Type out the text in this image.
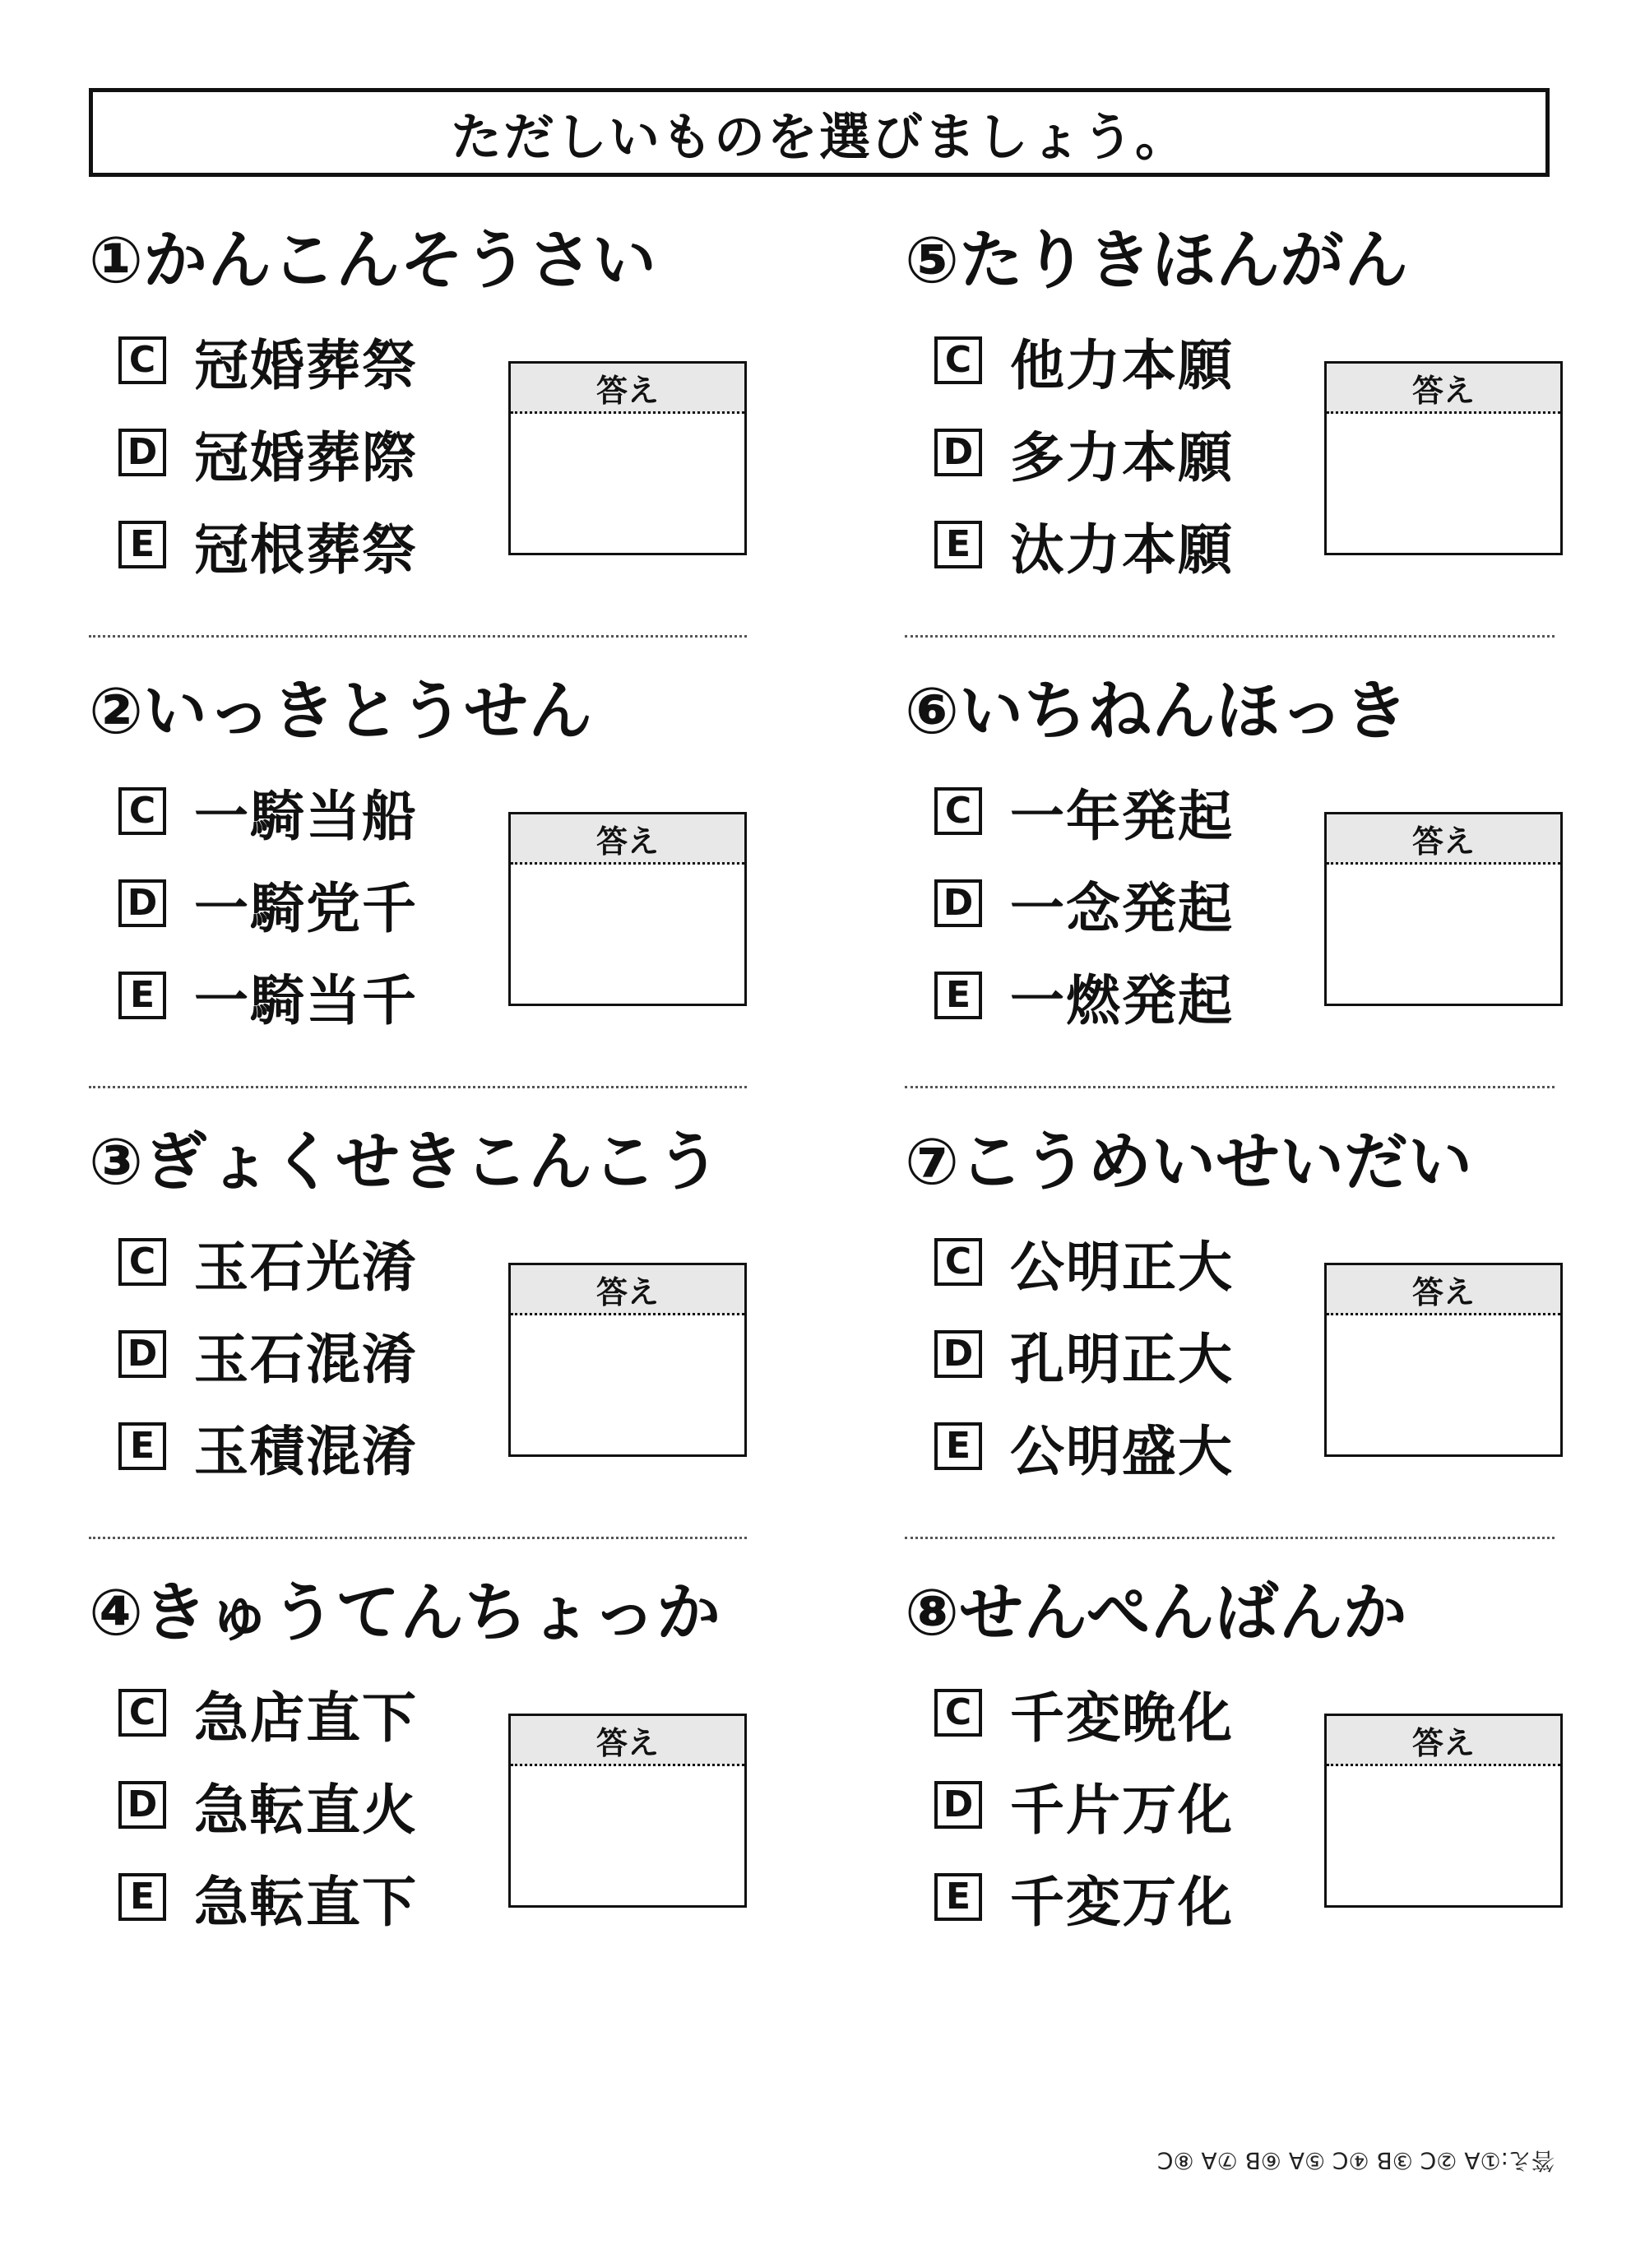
ただしいものを選びましょう。
①かんこんそうさい
C 冠婚葬祭
D 冠婚葬際
E 冠根葬祭
答え
②いっきとうせん
C 一騎当船
D 一騎党千
E 一騎当千
答え
③ぎょくせきこんこう
C 玉石光淆
D 玉石混淆
E 玉積混淆
答え
④きゅうてんちょっか
C 急店直下
D 急転直火
E 急転直下
答え
⑤たりきほんがん
C 他力本願
D 多力本願
E 汰力本願
答え
⑥いちねんほっき
C 一年発起
D 一念発起
E 一燃発起
答え
⑦こうめいせいだい
C 公明正大
D 孔明正大
E 公明盛大
答え
⑧せんぺんばんか
C 千変晩化
D 千片万化
E 千変万化
答え
答え:①A ②C ③B ④C ⑤A ⑥B ⑦A ⑧C
